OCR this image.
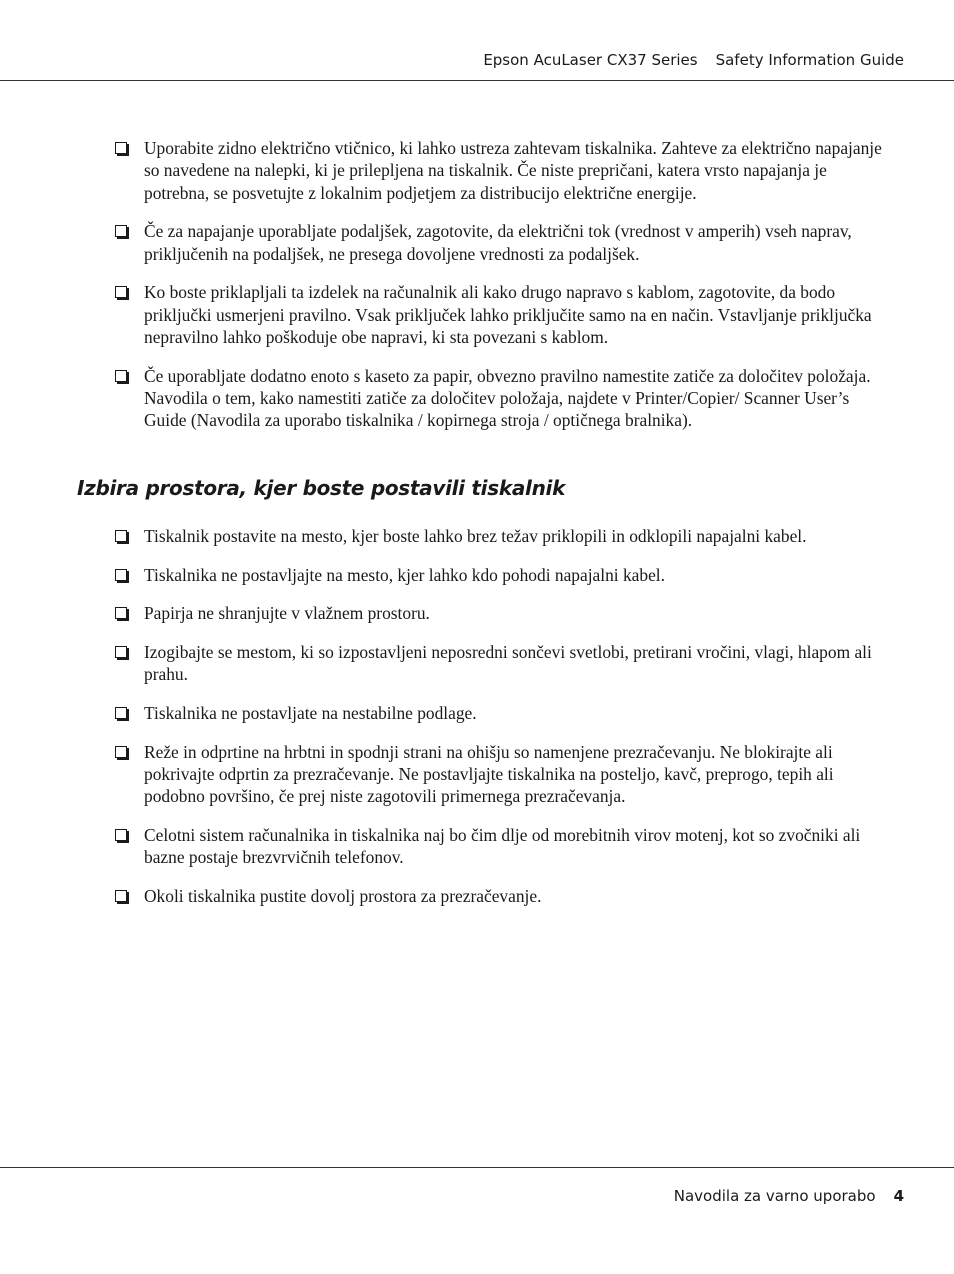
Epson AcuLaser CX37 Series Safety Information Guide
Uporabite zidno električno vtičnico, ki lahko ustreza zahtevam tiskalnika. Zahteve za električno napajanje so navedene na nalepki, ki je prilepljena na tiskalnik. Če niste prepričani, katera vrsto napajanja je potrebna, se posvetujte z lokalnim podjetjem za distribucijo električne energije.
Če za napajanje uporabljate podaljšek, zagotovite, da električni tok (vrednost v amperih) vseh naprav, priključenih na podaljšek, ne presega dovoljene vrednosti za podaljšek.
Ko boste priklapljali ta izdelek na računalnik ali kako drugo napravo s kablom, zagotovite, da bodo priključki usmerjeni pravilno. Vsak priključek lahko priključite samo na en način. Vstavljanje priključka nepravilno lahko poškoduje obe napravi, ki sta povezani s kablom.
Če uporabljate dodatno enoto s kaseto za papir, obvezno pravilno namestite zatiče za določitev položaja. Navodila o tem, kako namestiti zatiče za določitev položaja, najdete v Printer/Copier/ Scanner User’s Guide (Navodila za uporabo tiskalnika / kopirnega stroja / optičnega bralnika).
Izbira prostora, kjer boste postavili tiskalnik
Tiskalnik postavite na mesto, kjer boste lahko brez težav priklopili in odklopili napajalni kabel.
Tiskalnika ne postavljajte na mesto, kjer lahko kdo pohodi napajalni kabel.
Papirja ne shranjujte v vlažnem prostoru.
Izogibajte se mestom, ki so izpostavljeni neposredni sončevi svetlobi, pretirani vročini, vlagi, hlapom ali prahu.
Tiskalnika ne postavljate na nestabilne podlage.
Reže in odprtine na hrbtni in spodnji strani na ohišju so namenjene prezračevanju. Ne blokirajte ali pokrivajte odprtin za prezračevanje. Ne postavljajte tiskalnika na posteljo, kavč, preprogo, tepih ali podobno površino, če prej niste zagotovili primernega prezračevanja.
Celotni sistem računalnika in tiskalnika naj bo čim dlje od morebitnih virov motenj, kot so zvočniki ali bazne postaje brezvrvičnih telefonov.
Okoli tiskalnika pustite dovolj prostora za prezračevanje.
Navodila za varno uporabo 4
